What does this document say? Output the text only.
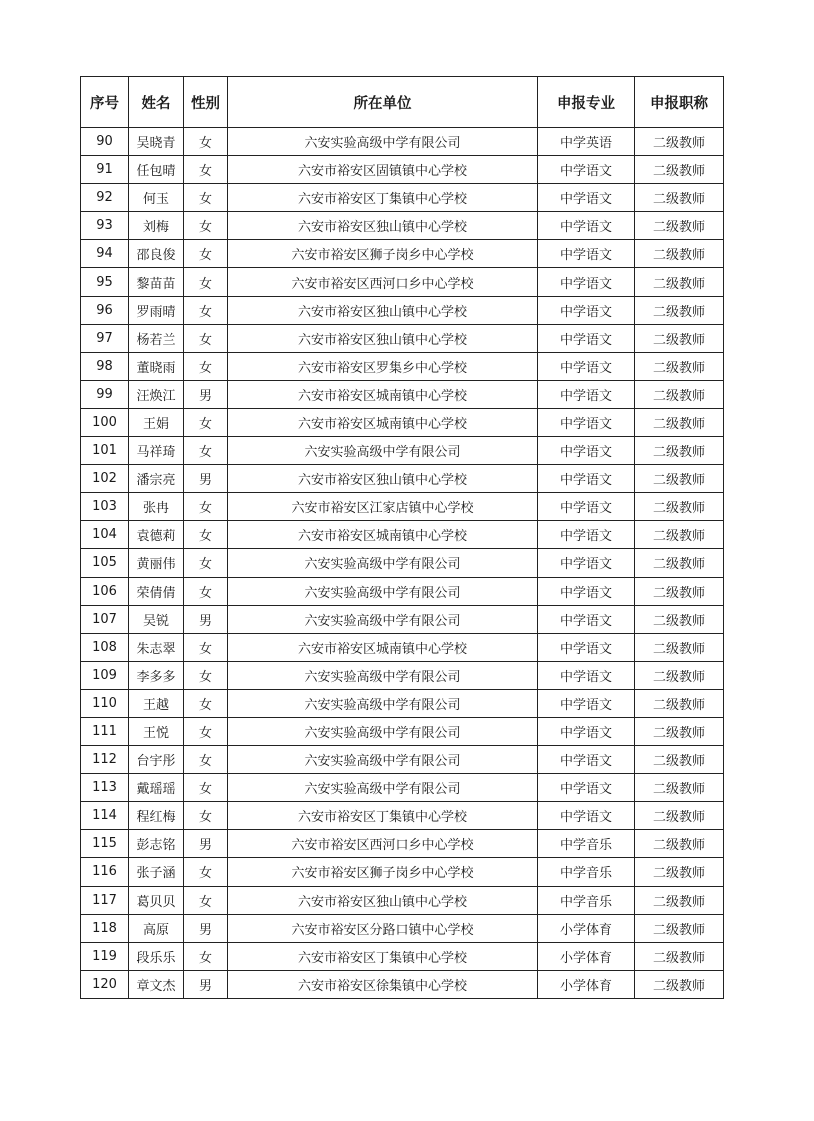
序号	姓名	性别	所在单位	申报专业	申报职称
90	吴晓青	女	六安实验高级中学有限公司	中学英语	二级教师
91	任包晴	女	六安市裕安区固镇镇中心学校	中学语文	二级教师
92	何玉	女	六安市裕安区丁集镇中心学校	中学语文	二级教师
93	刘梅	女	六安市裕安区独山镇中心学校	中学语文	二级教师
94	邵良俊	女	六安市裕安区狮子岗乡中心学校	中学语文	二级教师
95	黎苗苗	女	六安市裕安区西河口乡中心学校	中学语文	二级教师
96	罗雨晴	女	六安市裕安区独山镇中心学校	中学语文	二级教师
97	杨若兰	女	六安市裕安区独山镇中心学校	中学语文	二级教师
98	董晓雨	女	六安市裕安区罗集乡中心学校	中学语文	二级教师
99	汪焕江	男	六安市裕安区城南镇中心学校	中学语文	二级教师
100	王娟	女	六安市裕安区城南镇中心学校	中学语文	二级教师
101	马祥琦	女	六安实验高级中学有限公司	中学语文	二级教师
102	潘宗亮	男	六安市裕安区独山镇中心学校	中学语文	二级教师
103	张冉	女	六安市裕安区江家店镇中心学校	中学语文	二级教师
104	袁德莉	女	六安市裕安区城南镇中心学校	中学语文	二级教师
105	黄丽伟	女	六安实验高级中学有限公司	中学语文	二级教师
106	荣倩倩	女	六安实验高级中学有限公司	中学语文	二级教师
107	吴锐	男	六安实验高级中学有限公司	中学语文	二级教师
108	朱志翠	女	六安市裕安区城南镇中心学校	中学语文	二级教师
109	李多多	女	六安实验高级中学有限公司	中学语文	二级教师
110	王越	女	六安实验高级中学有限公司	中学语文	二级教师
111	王悦	女	六安实验高级中学有限公司	中学语文	二级教师
112	台宇彤	女	六安实验高级中学有限公司	中学语文	二级教师
113	戴瑶瑶	女	六安实验高级中学有限公司	中学语文	二级教师
114	程红梅	女	六安市裕安区丁集镇中心学校	中学语文	二级教师
115	彭志铭	男	六安市裕安区西河口乡中心学校	中学音乐	二级教师
116	张子涵	女	六安市裕安区狮子岗乡中心学校	中学音乐	二级教师
117	葛贝贝	女	六安市裕安区独山镇中心学校	中学音乐	二级教师
118	高原	男	六安市裕安区分路口镇中心学校	小学体育	二级教师
119	段乐乐	女	六安市裕安区丁集镇中心学校	小学体育	二级教师
120	章文杰	男	六安市裕安区徐集镇中心学校	小学体育	二级教师
